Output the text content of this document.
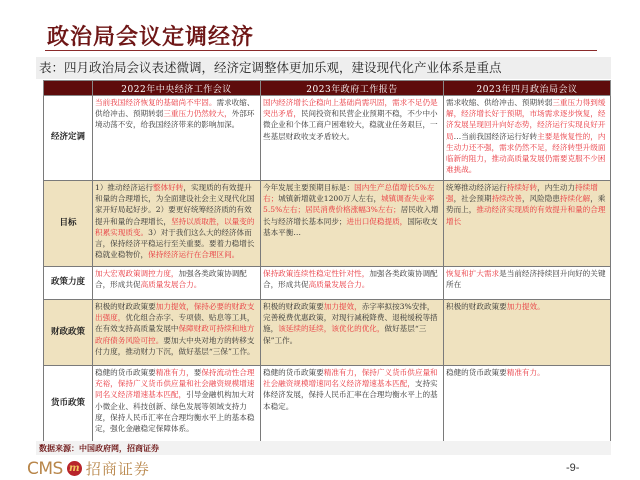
政治局会议定调经济
表：四月政治局会议表述微调，经济定调整体更加乐观，建设现代化产业体系是重点
	2022年中央经济工作会议	2023年政府工作报告	2023年四月政治局会议
经济定调	当前我国经济恢复的基础尚不牢固。需求收缩、供给冲击、预期转弱三重压力仍然较大，外部环境动荡不安，给我国经济带来的影响加深。	国内经济增长企稳向上基础尚需巩固，需求不足仍是突出矛盾，民间投资和民营企业预期不稳，不少中小微企业和个体工商户困难较大，稳就业任务艰巨，一些基层财政收支矛盾较大。	需求收缩、供给冲击、预期转弱三重压力得到缓解，经济增长好于预期，市场需求逐步恢复，经济发展呈现回升向好态势，经济运行实现良好开局…当前我国经济运行好转主要是恢复性的，内生动力还不强，需求仍然不足，经济转型升级面临新的阻力，推动高质量发展仍需要克服不少困难挑战。
目标	1）推动经济运行整体好转，实现质的有效提升和量的合理增长，为全面建设社会主义现代化国家开好局起好步。2）要更好统筹经济质的有效提升和量的合理增长，坚持以质取胜，以量变的积累实现质变。3）对于我们这么大的经济体而言，保持经济平稳运行至关重要。要着力稳增长稳就业稳物价，保持经济运行在合理区间。	今年发展主要预期目标是：国内生产总值增长5%左右；城镇新增就业1200万人左右，城镇调查失业率5.5%左右；居民消费价格涨幅3%左右；居民收入增长与经济增长基本同步；进出口促稳提质，国际收支基本平衡…	统筹推动经济运行持续好转，内生动力持续增强，社会预期持续改善，风险隐患持续化解，乘势而上，推动经济实现质的有效提升和量的合理增长
政策力度	加大宏观政策调控力度，加强各类政策协调配合，形成共促高质量发展合力。	保持政策连续性稳定性针对性，加强各类政策协调配合，形成共促高质量发展合力。	恢复和扩大需求是当前经济持续回升向好的关键所在
财政政策	积极的财政政策要加力提效，保持必要的财政支出强度，优化组合赤字、专项债、贴息等工具，在有效支持高质量发展中保障财政可持续和地方政府债务风险可控。要加大中央对地方的转移支付力度，推动财力下沉，做好基层“三保”工作。	积极的财政政策要加力提效，赤字率拟按3%安排，完善税费优惠政策，对现行减税降费、退税缓税等措施，该延续的延续，该优化的优化，做好基层“三保”工作。	积极的财政政策要加力提效。
货币政策	稳健的货币政策要精准有力，要保持流动性合理充裕，保持广义货币供应量和社会融资规模增速同名义经济增速基本匹配，引导金融机构加大对小微企业、科技创新、绿色发展等领域支持力度，保持人民币汇率在合理均衡水平上的基本稳定，强化金融稳定保障体系。	稳健的货币政策要精准有力，保持广义货币供应量和社会融资规模增速同名义经济增速基本匹配，支持实体经济发展，保持人民币汇率在合理均衡水平上的基本稳定。	稳健的货币政策要精准有力。
数据来源：中国政府网，招商证券
CMS m 招商证券	-9-
